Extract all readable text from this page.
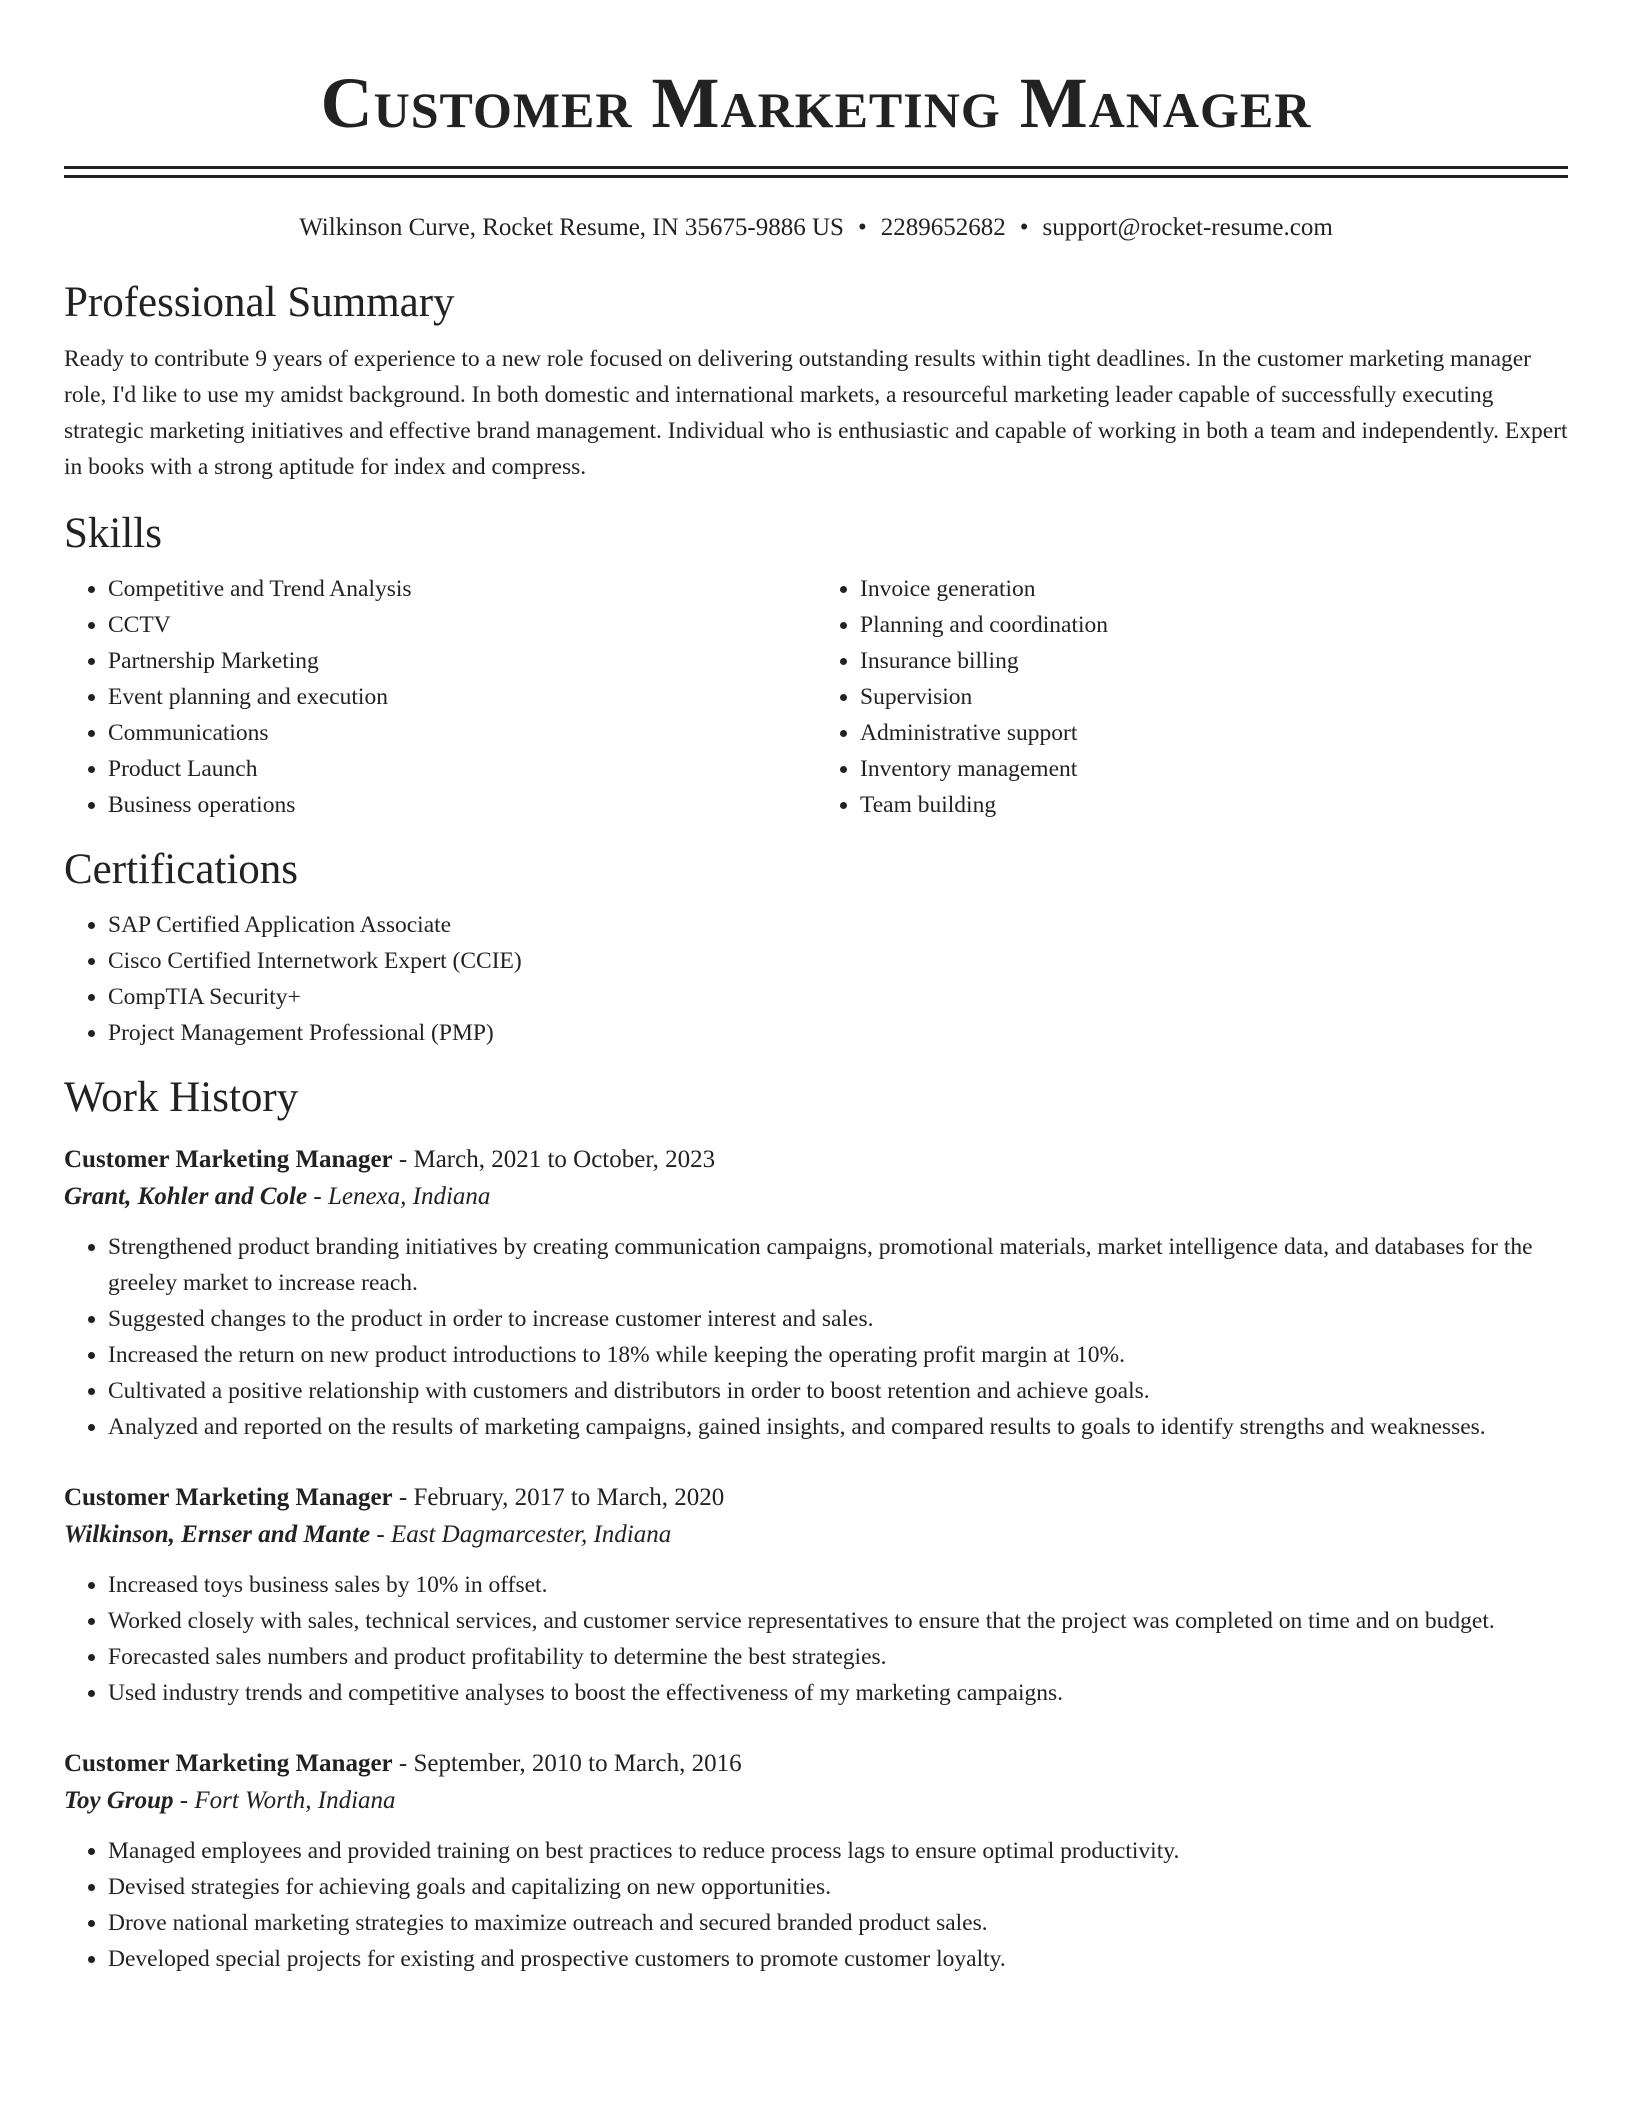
Customer Marketing Manager
Wilkinson Curve, Rocket Resume, IN 35675-9886 US • 2289652682 • support@rocket-resume.com
Professional Summary

Ready to contribute 9 years of experience to a new role focused on delivering outstanding results within tight deadlines. In the customer marketing manager role, I'd like to use my amidst background. In both domestic and international markets, a resourceful marketing leader capable of successfully executing strategic marketing initiatives and effective brand management. Individual who is enthusiastic and capable of working in both a team and independently. Expert in books with a strong aptitude for index and compress.

Skills
• Competitive and Trend Analysis
• CCTV
• Partnership Marketing
• Event planning and execution
• Communications
• Product Launch
• Business operations
• Invoice generation
• Planning and coordination
• Insurance billing
• Supervision
• Administrative support
• Inventory management
• Team building
Certifications
• SAP Certified Application Associate
• Cisco Certified Internetwork Expert (CCIE)
• CompTIA Security+
• Project Management Professional (PMP)
Work History
Customer Marketing Manager - March, 2021 to October, 2023
Grant, Kohler and Cole - Lenexa, Indiana
• Strengthened product branding initiatives by creating communication campaigns, promotional materials, market intelligence data, and databases for the greeley market to increase reach.
• Suggested changes to the product in order to increase customer interest and sales.
• Increased the return on new product introductions to 18% while keeping the operating profit margin at 10%.
• Cultivated a positive relationship with customers and distributors in order to boost retention and achieve goals.
• Analyzed and reported on the results of marketing campaigns, gained insights, and compared results to goals to identify strengths and weaknesses.
Customer Marketing Manager - February, 2017 to March, 2020
Wilkinson, Ernser and Mante - East Dagmarcester, Indiana
• Increased toys business sales by 10% in offset.
• Worked closely with sales, technical services, and customer service representatives to ensure that the project was completed on time and on budget.
• Forecasted sales numbers and product profitability to determine the best strategies.
• Used industry trends and competitive analyses to boost the effectiveness of my marketing campaigns.
Customer Marketing Manager - September, 2010 to March, 2016
Toy Group - Fort Worth, Indiana
• Managed employees and provided training on best practices to reduce process lags to ensure optimal productivity.
• Devised strategies for achieving goals and capitalizing on new opportunities.
• Drove national marketing strategies to maximize outreach and secured branded product sales.
• Developed special projects for existing and prospective customers to promote customer loyalty.
